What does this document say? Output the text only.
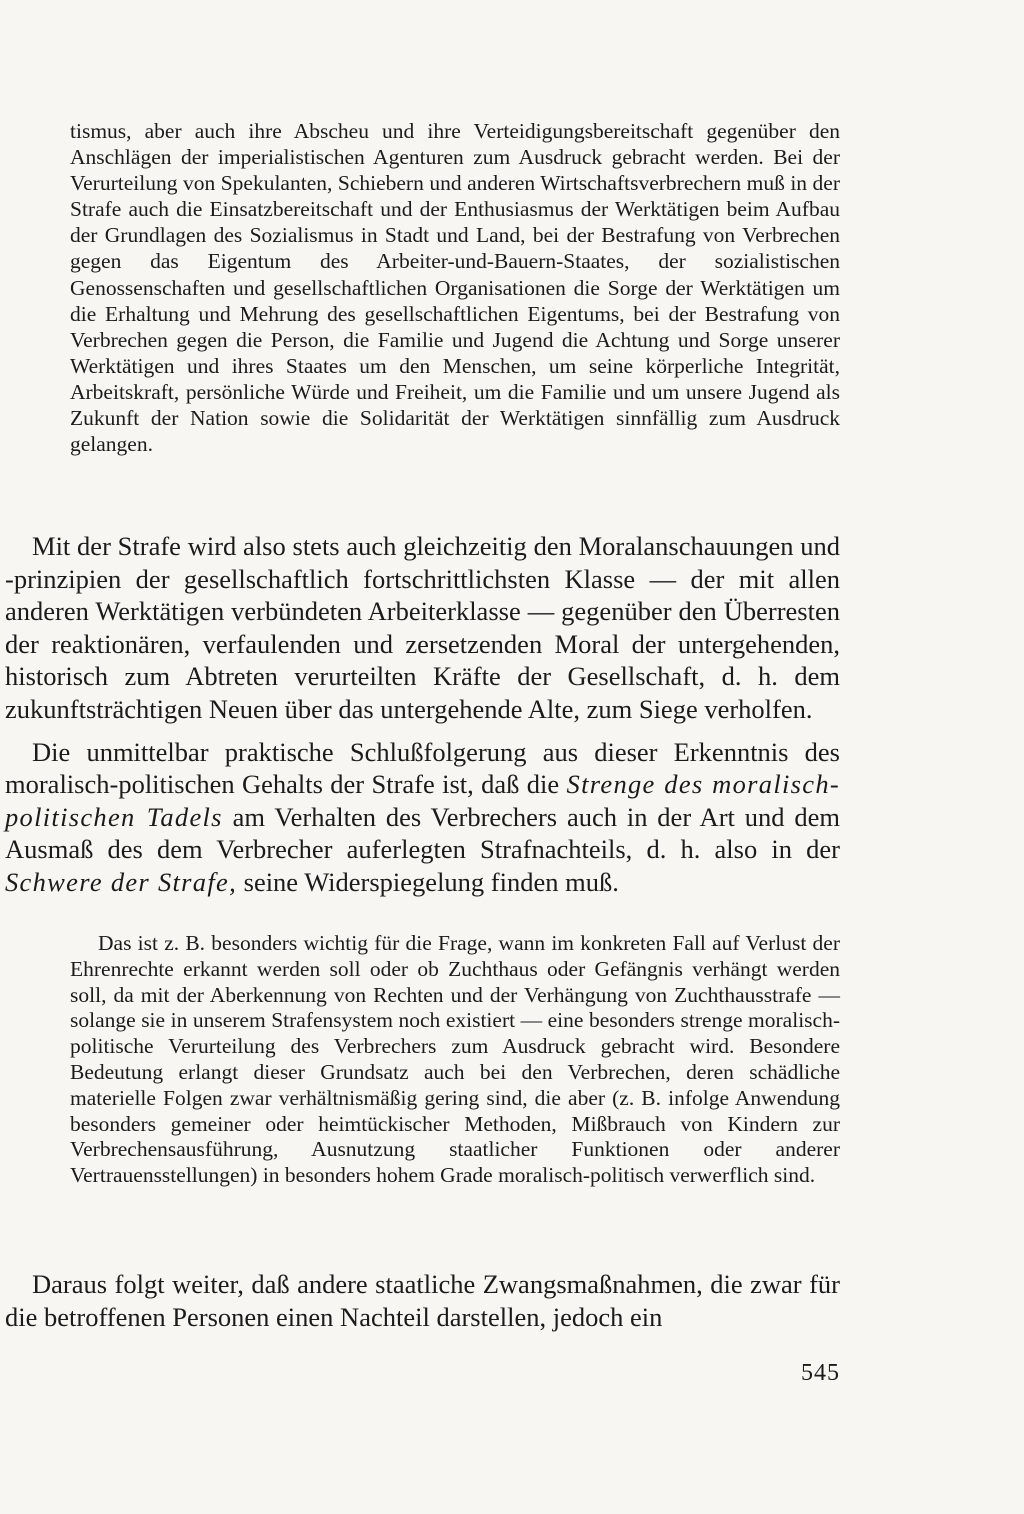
tismus, aber auch ihre Abscheu und ihre Verteidigungsbereitschaft gegenüber den Anschlägen der imperialistischen Agenturen zum Ausdruck gebracht werden. Bei der Verurteilung von Spekulanten, Schiebern und anderen Wirtschaftsverbrechern muß in der Strafe auch die Einsatzbereitschaft und der Enthusiasmus der Werktätigen beim Aufbau der Grundlagen des Sozialismus in Stadt und Land, bei der Bestrafung von Verbrechen gegen das Eigentum des Arbeiter-und-Bauern-Staates, der sozialistischen Genossenschaften und gesellschaftlichen Organisationen die Sorge der Werktätigen um die Erhaltung und Mehrung des gesellschaftlichen Eigentums, bei der Bestrafung von Verbrechen gegen die Person, die Familie und Jugend die Achtung und Sorge unserer Werktätigen und ihres Staates um den Menschen, um seine körperliche Integrität, Arbeitskraft, persönliche Würde und Freiheit, um die Familie und um unsere Jugend als Zukunft der Nation sowie die Solidarität der Werktätigen sinnfällig zum Ausdruck gelangen.

Mit der Strafe wird also stets auch gleichzeitig den Moralanschauungen und -prinzipien der gesellschaftlich fortschrittlichsten Klasse — der mit allen anderen Werktätigen verbündeten Arbeiterklasse — gegenüber den Überresten der reaktionären, verfaulenden und zersetzenden Moral der untergehenden, historisch zum Abtreten verurteilten Kräfte der Gesellschaft, d. h. dem zukunftsträchtigen Neuen über das untergehende Alte, zum Siege verholfen.

Die unmittelbar praktische Schlußfolgerung aus dieser Erkenntnis des moralisch-politischen Gehalts der Strafe ist, daß die Strenge des moralisch-politischen Tadels am Verhalten des Verbrechers auch in der Art und dem Ausmaß des dem Verbrecher auferlegten Strafnachteils, d. h. also in der Schwere der Strafe, seine Widerspiegelung finden muß.

Das ist z. B. besonders wichtig für die Frage, wann im konkreten Fall auf Verlust der Ehrenrechte erkannt werden soll oder ob Zuchthaus oder Gefängnis verhängt werden soll, da mit der Aberkennung von Rechten und der Verhängung von Zuchthausstrafe — solange sie in unserem Strafensystem noch existiert — eine besonders strenge moralisch-politische Verurteilung des Verbrechers zum Ausdruck gebracht wird. Besondere Bedeutung erlangt dieser Grundsatz auch bei den Verbrechen, deren schädliche materielle Folgen zwar verhältnismäßig gering sind, die aber (z. B. infolge Anwendung besonders gemeiner oder heimtückischer Methoden, Mißbrauch von Kindern zur Verbrechensausführung, Ausnutzung staatlicher Funktionen oder anderer Vertrauensstellungen) in besonders hohem Grade moralisch-politisch verwerflich sind.

Daraus folgt weiter, daß andere staatliche Zwangsmaßnahmen, die zwar für die betroffenen Personen einen Nachteil darstellen, jedoch ein

545
